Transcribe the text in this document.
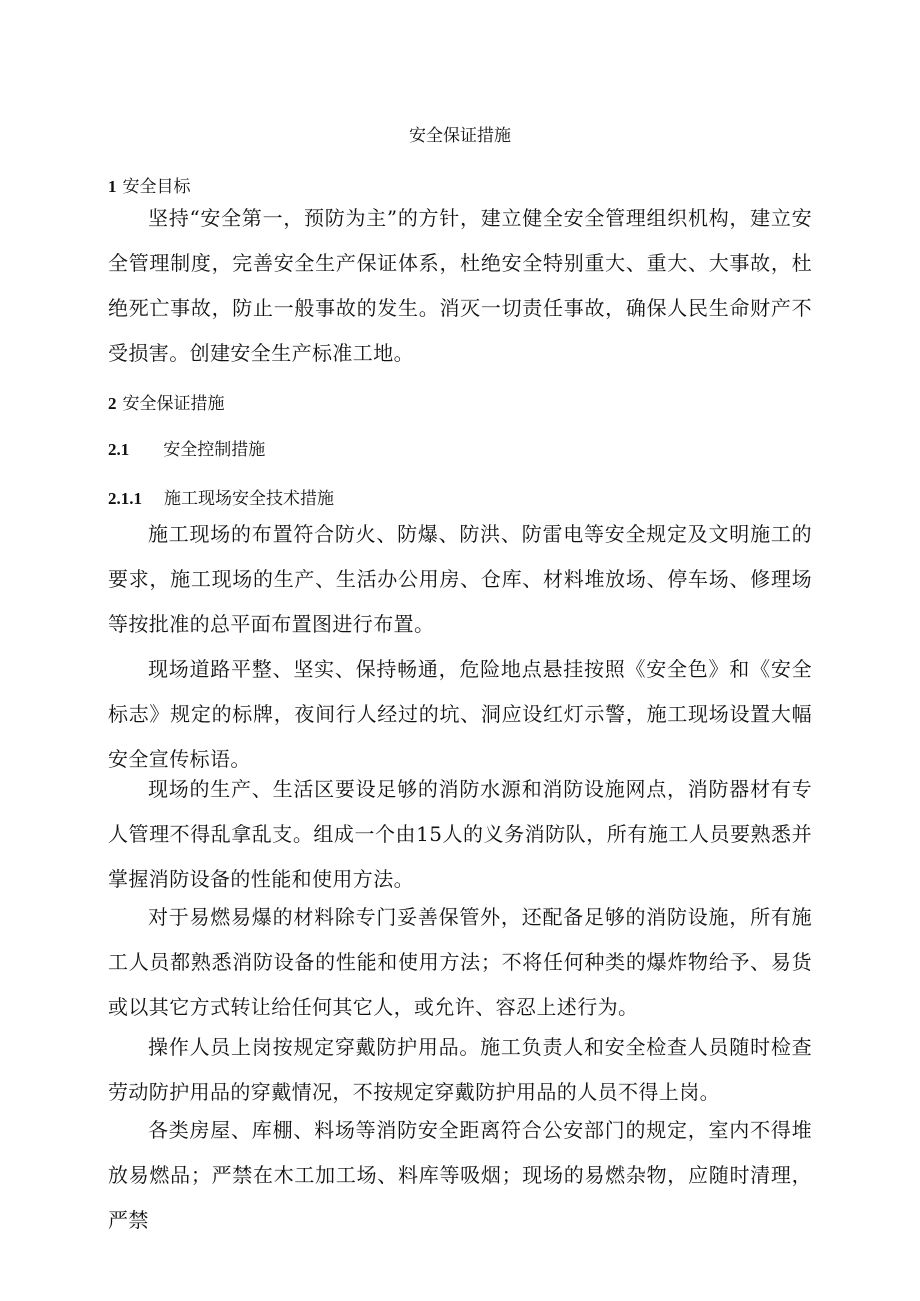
安全保证措施
1 安全目标

坚持“安全第一，预防为主”的方针，建立健全安全管理组织机构，建立安全管理制度，完善安全生产保证体系，杜绝安全特别重大、重大、大事故，杜绝死亡事故，防止一般事故的发生。消灭一切责任事故，确保人民生命财产不受损害。创建安全生产标准工地。

2 安全保证措施
2.1 安全控制措施
2.1.1 施工现场安全技术措施

施工现场的布置符合防火、防爆、防洪、防雷电等安全规定及文明施工的要求，施工现场的生产、生活办公用房、仓库、材料堆放场、停车场、修理场等按批准的总平面布置图进行布置。

现场道路平整、坚实、保持畅通，危险地点悬挂按照《安全色》和《安全标志》规定的标牌，夜间行人经过的坑、洞应设红灯示警，施工现场设置大幅安全宣传标语。

现场的生产、生活区要设足够的消防水源和消防设施网点，消防器材有专人管理不得乱拿乱支。组成一个由15人的义务消防队，所有施工人员要熟悉并掌握消防设备的性能和使用方法。

对于易燃易爆的材料除专门妥善保管外，还配备足够的消防设施，所有施工人员都熟悉消防设备的性能和使用方法；不将任何种类的爆炸物给予、易货或以其它方式转让给任何其它人，或允许、容忍上述行为。

操作人员上岗按规定穿戴防护用品。施工负责人和安全检查人员随时检查劳动防护用品的穿戴情况，不按规定穿戴防护用品的人员不得上岗。

各类房屋、库棚、料场等消防安全距离符合公安部门的规定，室内不得堆放易燃品；严禁在木工加工场、料库等吸烟；现场的易燃杂物，应随时清理，严禁
